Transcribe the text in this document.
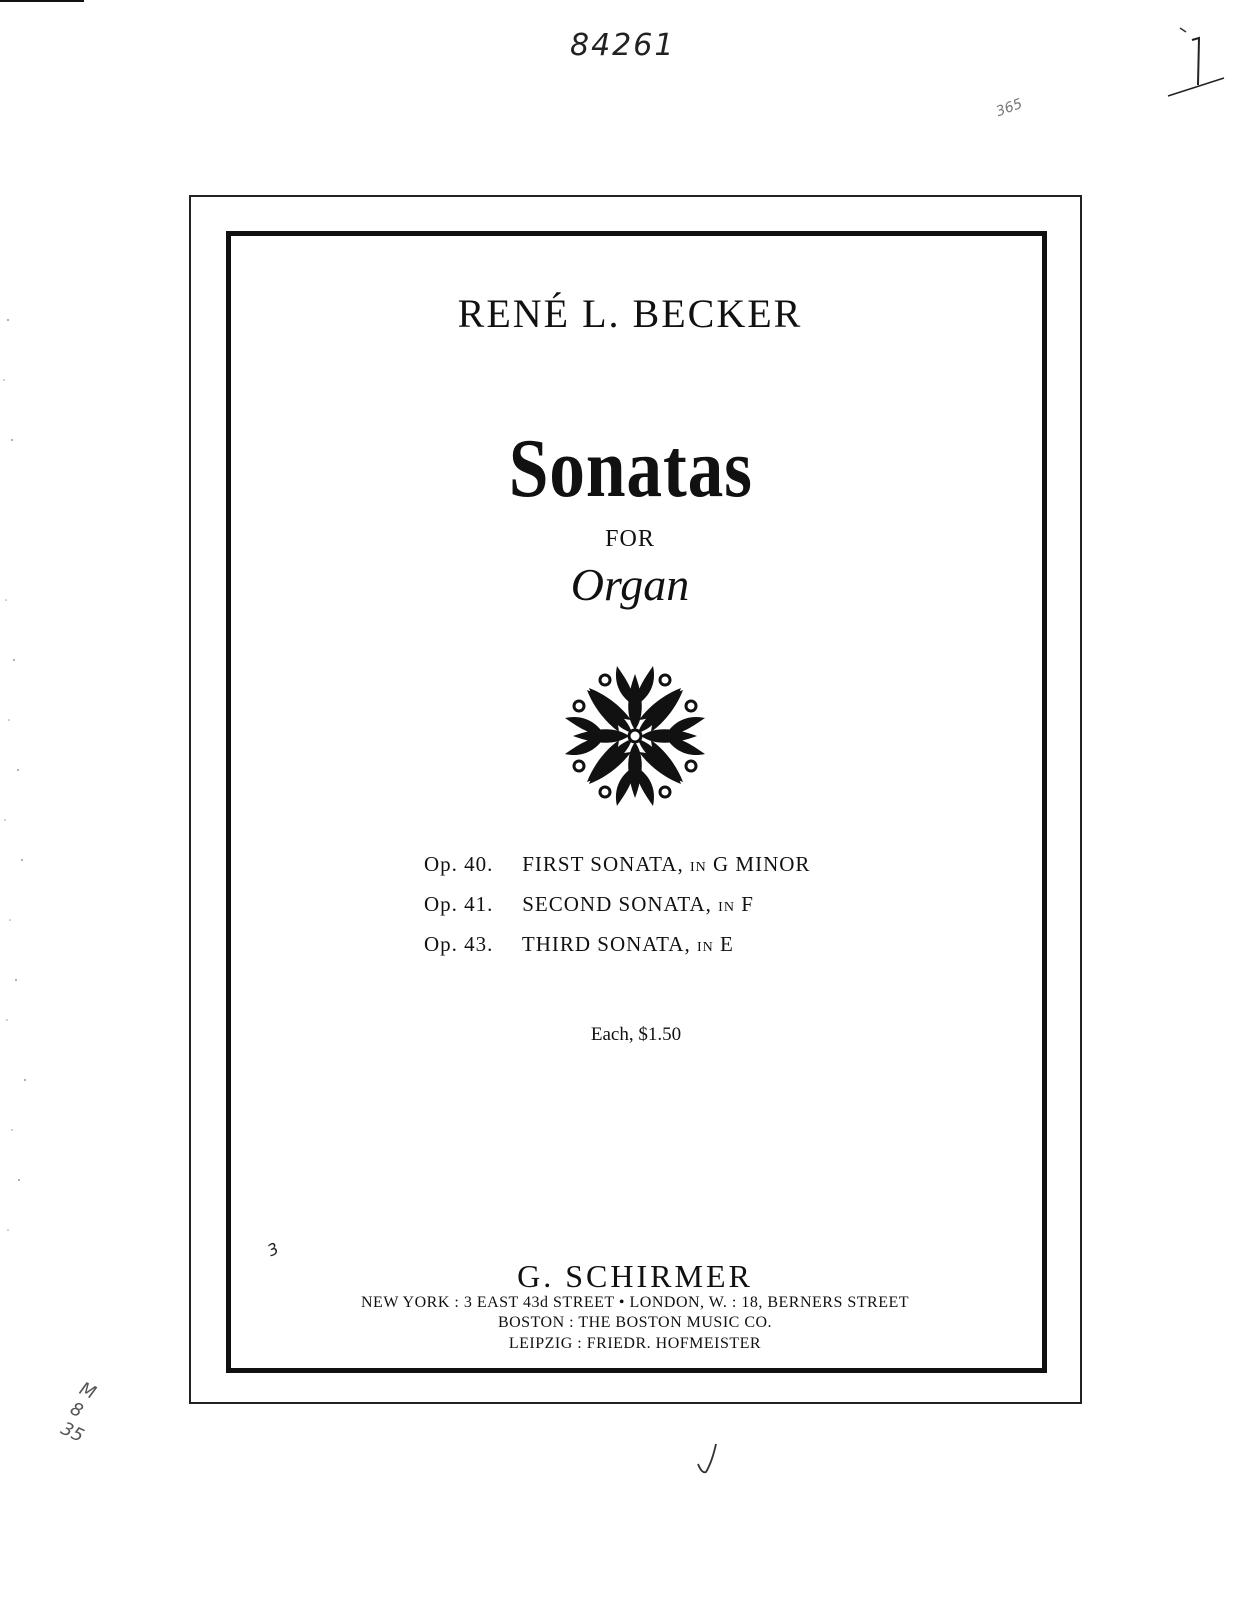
84261
365
3
M
8
35
RENÉ L. BECKER
Sonatas
FOR
Organ
Op. 40. FIRST SONATA, IN G MINOR
Op. 41. SECOND SONATA, IN F
Op. 43. THIRD SONATA, IN E
Each, $1.50
G. SCHIRMER
NEW YORK : 3 EAST 43d STREET • LONDON, W. : 18, BERNERS STREET
BOSTON : THE BOSTON MUSIC CO.
LEIPZIG : FRIEDR. HOFMEISTER
